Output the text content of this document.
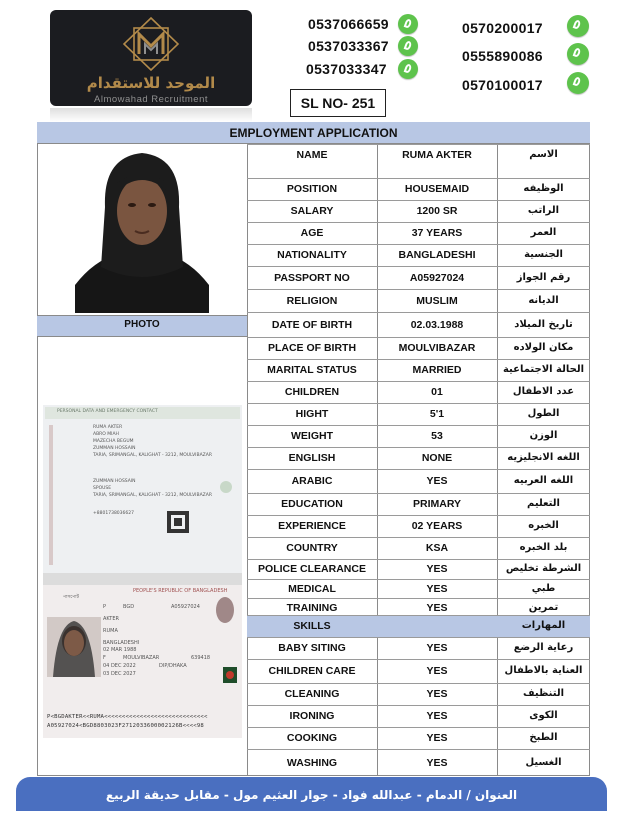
الموحد للاستقدام
Almowahad Recruitment
0537066659
0537033367
0537033347
0570200017
0555890086
0570100017
SL NO- 251
EMPLOYMENT APPLICATION
PHOTO
PERSONAL DATA AND EMERGENCY CONTACT
RUMA AKTER
ABRO MIAH
MAZECHA BEGUM
ZUMMAN HOSSAIN
TARIA, SRIMANGAL, KALIGHAT - 3212, MOULVIBAZAR
ZUMMAN HOSSAIN
SPOUSE
TARIA, SRIMANGAL, KALIGHAT - 3212, MOULVIBAZAR
+8801738036627
PEOPLE'S REPUBLIC OF BANGLADESH
পাসপোর্ট
P	BGD	A05927024
AKTER
RUMA
BANGLADESHI
02 MAR 1988
F	MOULVIBAZAR	639418
04 DEC 2022	DIP/DHAKA
03 DEC 2027
P<BGDAKTER<<RUMA<<<<<<<<<<<<<<<<<<<<<<<<<<<<<
A05927024<BGD8803023F2712033600002126B<<<<98
NAME	RUMA AKTER	الاسم
POSITION	HOUSEMAID	الوظيفه
SALARY	1200 SR	الراتب
AGE	37 YEARS	العمر
NATIONALITY	BANGLADESHI	الجنسية
PASSPORT NO	A05927024	رقم الجواز
RELIGION	MUSLIM	الديانه
DATE OF BIRTH	02.03.1988	تاريخ الميلاد
PLACE OF BIRTH	MOULVIBAZAR	مكان الولاده
MARITAL STATUS	MARRIED	الحالة الاجتماعية
CHILDREN	01	عدد الاطفال
HIGHT	5'1	الطول
WEIGHT	53	الوزن
ENGLISH	NONE	اللغه الانجليزيه
ARABIC	YES	اللغه العربيه
EDUCATION	PRIMARY	التعليم
EXPERIENCE	02 YEARS	الخبره
COUNTRY	KSA	بلد الخبره
POLICE CLEARANCE	YES	الشرطة تخليص
MEDICAL	YES	طبي
TRAINING	YES	تمرين
SKILLS	المهارات
BABY SITING	YES	رعاية الرضع
CHILDREN CARE	YES	العناية بالاطفال
CLEANING	YES	التنظيف
IRONING	YES	الكوى
COOKING	YES	الطبخ
WASHING	YES	الغسيل
العنوان / الدمام - عبدالله فواد - جوار العثيم مول - مقابل حديقة الربيع
